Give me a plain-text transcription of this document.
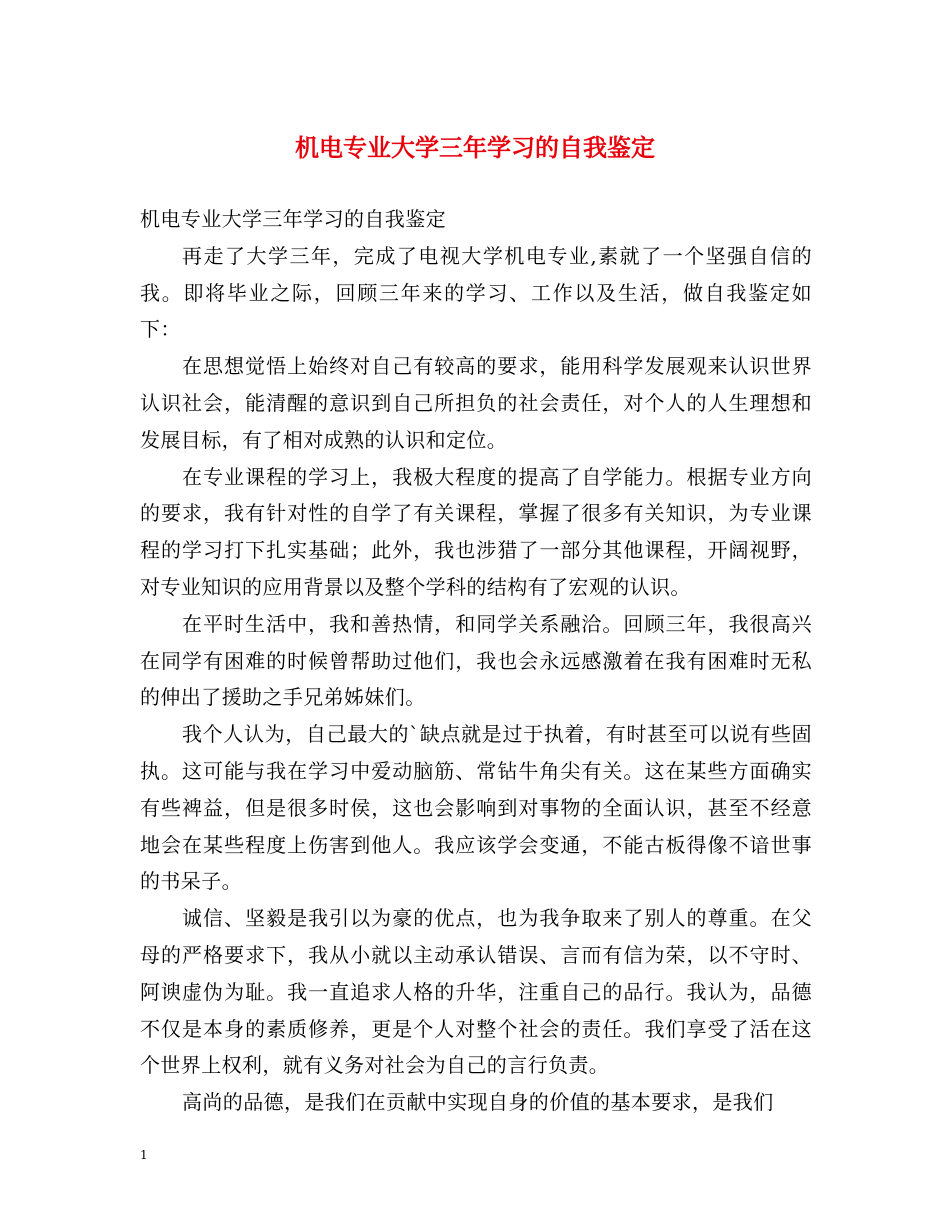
机电专业大学三年学习的自我鉴定

机电专业大学三年学习的自我鉴定

再走了大学三年，完成了电视大学机电专业,素就了一个坚强自信的我。即将毕业之际，回顾三年来的学习、工作以及生活，做自我鉴定如下：

在思想觉悟上始终对自己有较高的要求，能用科学发展观来认识世界认识社会，能清醒的意识到自己所担负的社会责任，对个人的人生理想和发展目标，有了相对成熟的认识和定位。

在专业课程的学习上，我极大程度的提高了自学能力。根据专业方向的要求，我有针对性的自学了有关课程，掌握了很多有关知识，为专业课程的学习打下扎实基础；此外，我也涉猎了一部分其他课程，开阔视野，对专业知识的应用背景以及整个学科的结构有了宏观的认识。

在平时生活中，我和善热情，和同学关系融洽。回顾三年，我很高兴在同学有困难的时候曾帮助过他们，我也会永远感激着在我有困难时无私的伸出了援助之手兄弟姊妹们。

我个人认为，自己最大的`缺点就是过于执着，有时甚至可以说有些固执。这可能与我在学习中爱动脑筋、常钻牛角尖有关。这在某些方面确实有些裨益，但是很多时侯，这也会影响到对事物的全面认识，甚至不经意地会在某些程度上伤害到他人。我应该学会变通，不能古板得像不谙世事的书呆子。

诚信、坚毅是我引以为豪的优点，也为我争取来了别人的尊重。在父母的严格要求下，我从小就以主动承认错误、言而有信为荣，以不守时、阿谀虚伪为耻。我一直追求人格的升华，注重自己的品行。我认为，品德不仅是本身的素质修养，更是个人对整个社会的责任。我们享受了活在这个世界上权利，就有义务对社会为自己的言行负责。

高尚的品德，是我们在贡献中实现自身的价值的基本要求，是我们

1
